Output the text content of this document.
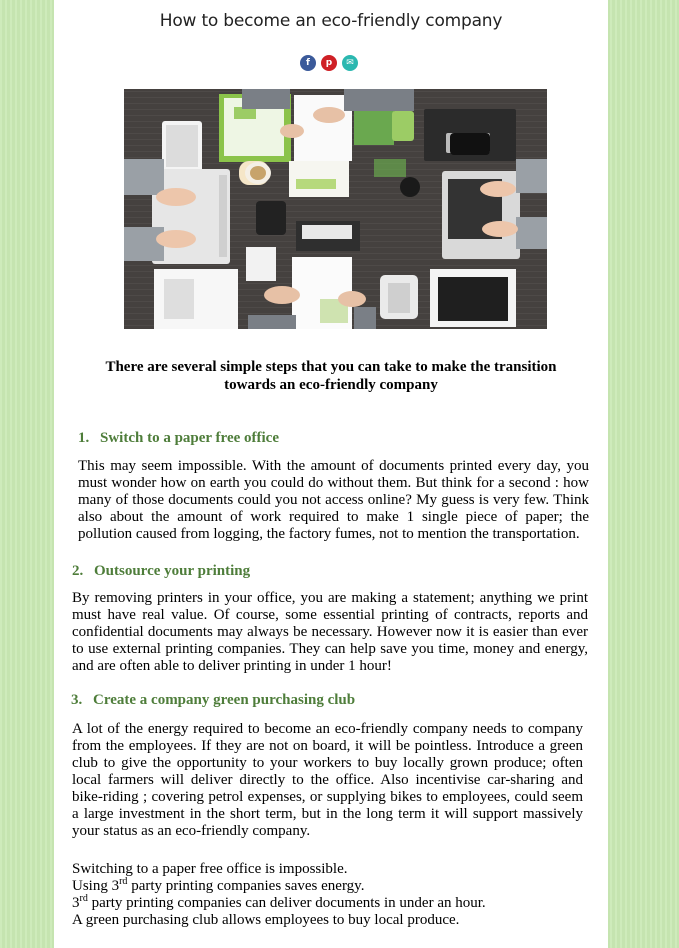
How to become an eco-friendly company
f	p	✉
There are several simple steps that you can take to make the transition towards an eco-friendly company
1. Switch to a paper free office
This may seem impossible. With the amount of documents printed every day, you must wonder how on earth you could do without them. But think for a second : how many of those documents could you not access online? My guess is very few. Think also about the amount of work required to make 1 single piece of paper; the pollution caused from logging, the factory fumes, not to mention the transportation.
2. Outsource your printing
By removing printers in your office, you are making a statement; anything we print must have real value. Of course, some essential printing of contracts, reports and confidential documents may always be necessary. However now it is easier than ever to use external printing companies. They can help save you time, money and energy, and are often able to deliver printing in under 1 hour!
3. Create a company green purchasing club
A lot of the energy required to become an eco-friendly company needs to company from the employees. If they are not on board, it will be pointless. Introduce a green club to give the opportunity to your workers to buy locally grown produce; often local farmers will deliver directly to the office. Also incentivise car-sharing and bike-riding ; covering petrol expenses, or supplying bikes to employees, could seem a large investment in the short term, but in the long term it will support massively your status as an eco-friendly company.
Switching to a paper free office is impossible.
Using 3rd party printing companies saves energy.
3rd party printing companies can deliver documents in under an hour.
A green purchasing club allows employees to buy local produce.
